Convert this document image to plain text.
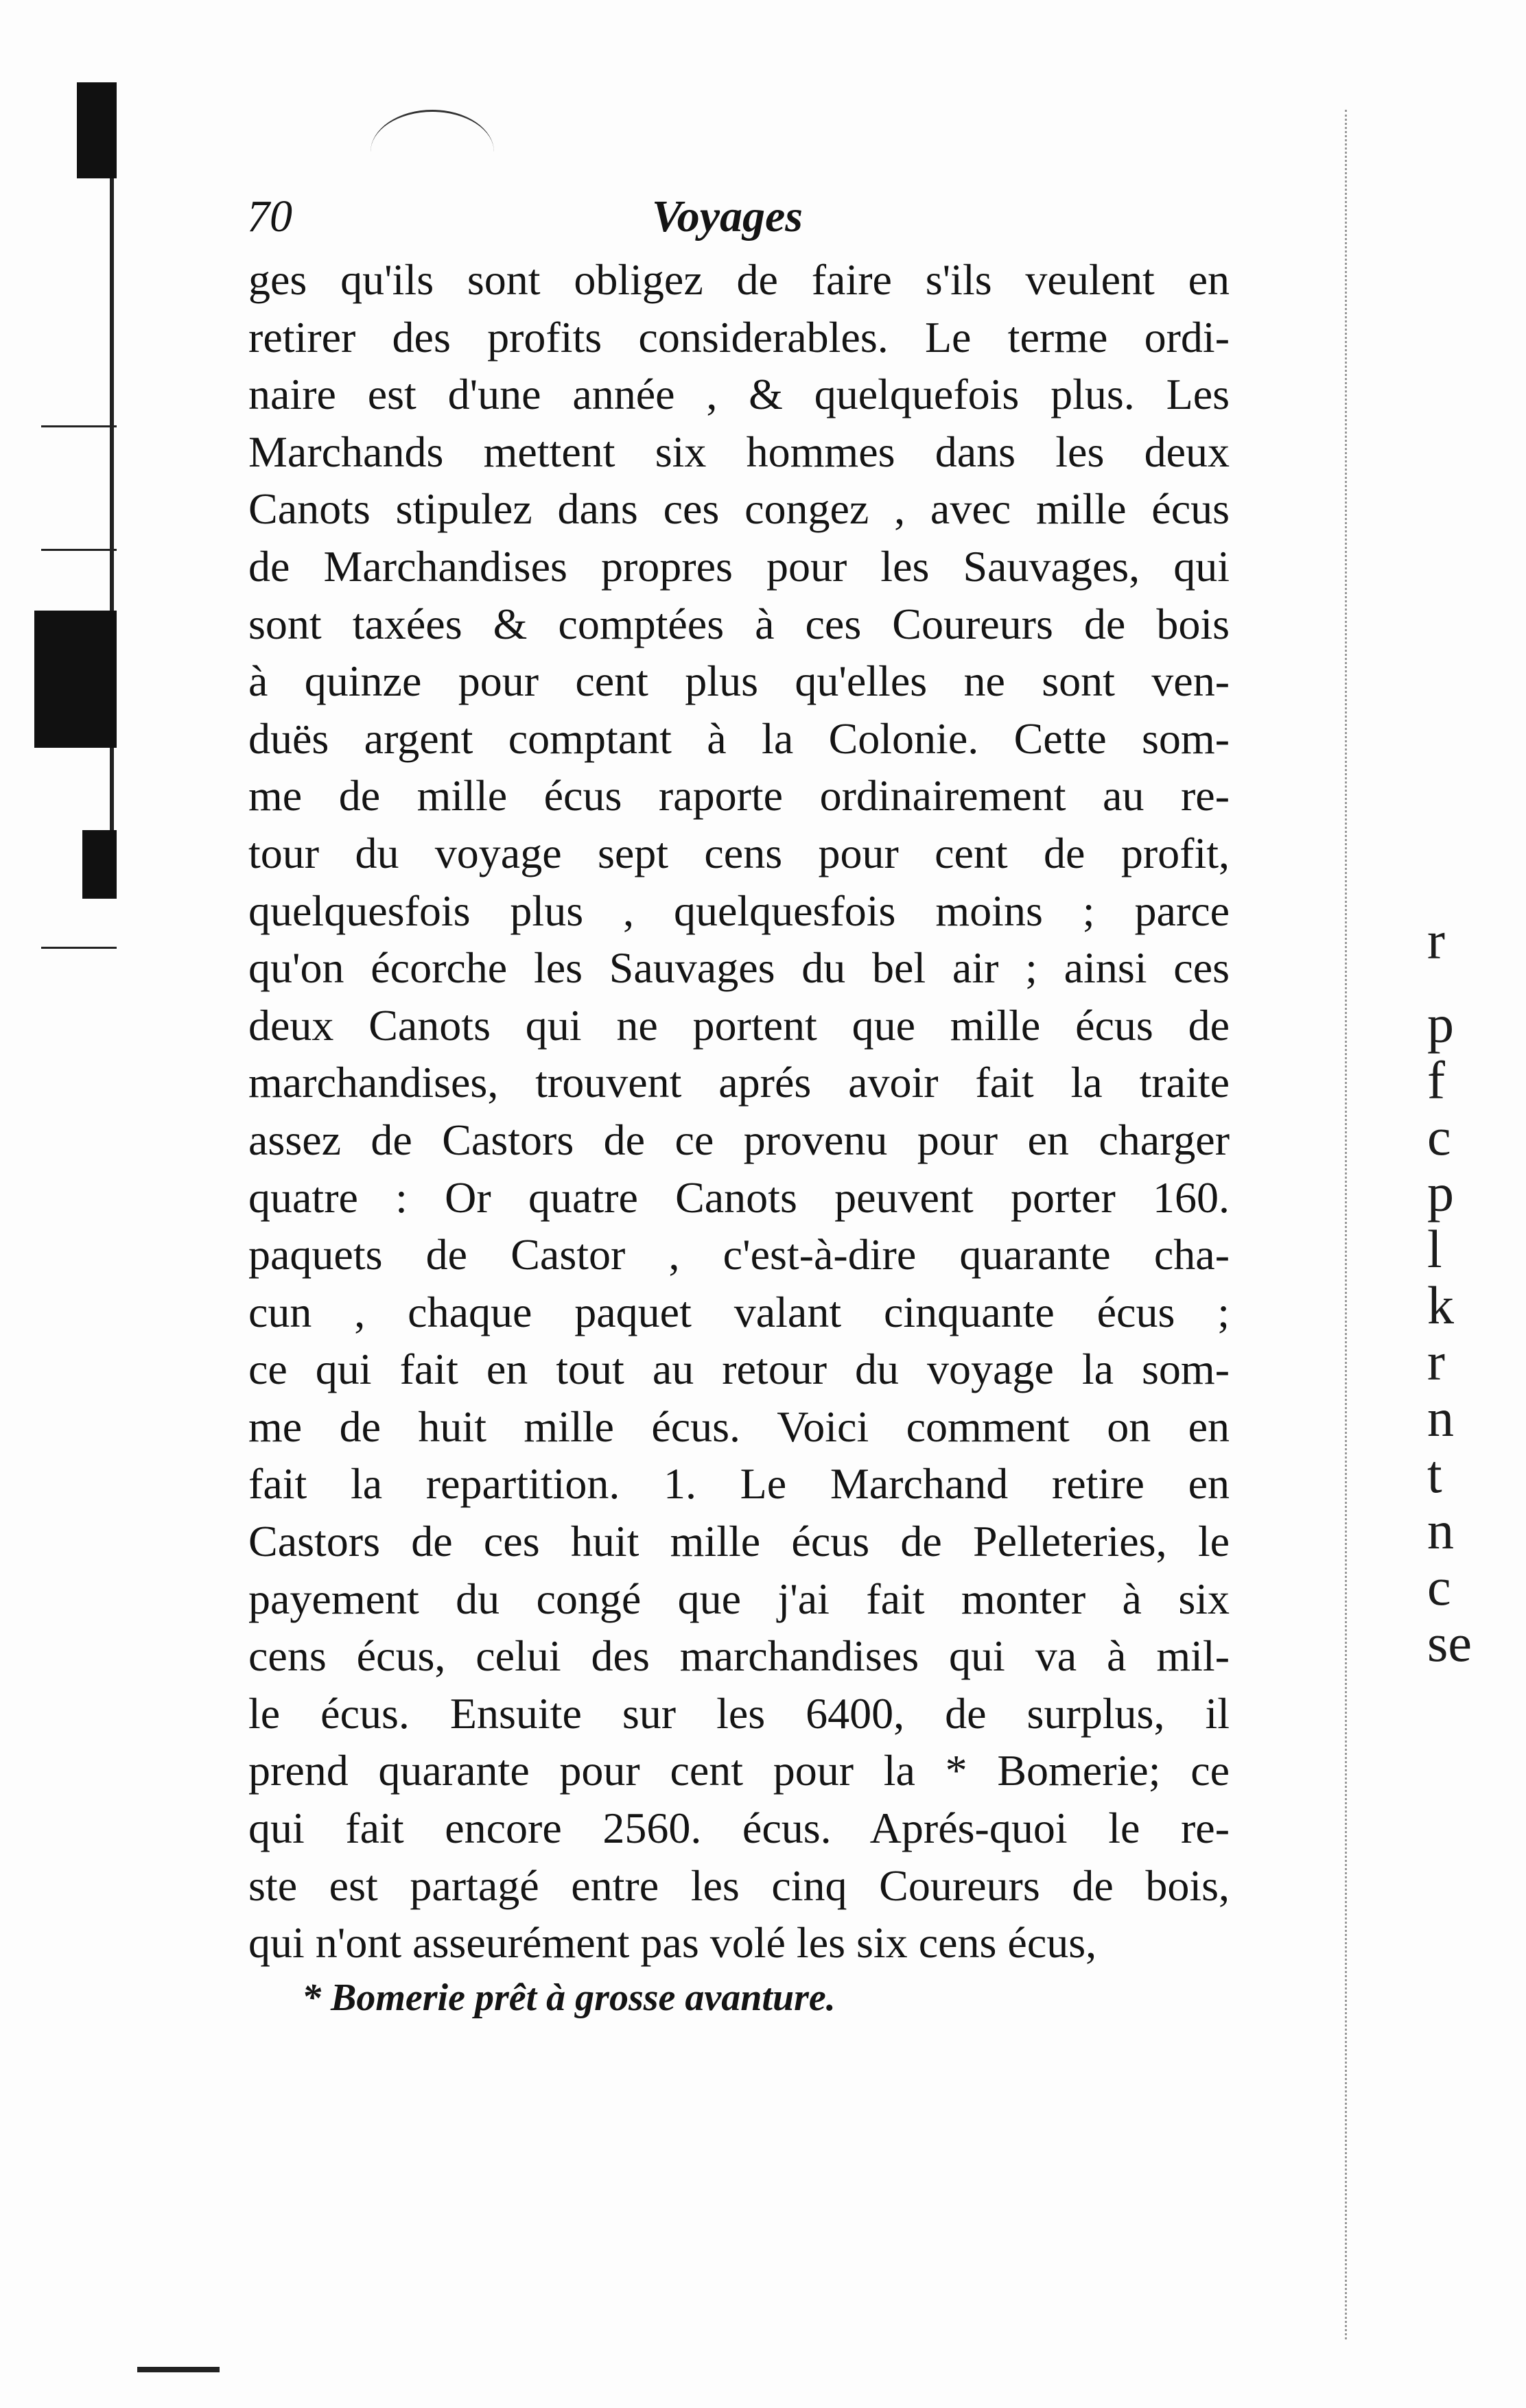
70	Voyages
ges qu'ils sont obligez de faire s'ils veulent en
retirer des profits considerables. Le terme ordi-
naire est d'une année , & quelquefois plus. Les
Marchands mettent six hommes dans les deux
Canots stipulez dans ces congez , avec mille écus
de Marchandises propres pour les Sauvages, qui
sont taxées & comptées à ces Coureurs de bois
à quinze pour cent plus qu'elles ne sont ven-
duës argent comptant à la Colonie. Cette som-
me de mille écus raporte ordinairement au re-
tour du voyage sept cens pour cent de profit,
quelquesfois plus , quelquesfois moins ; parce
qu'on écorche les Sauvages du bel air ; ainsi ces
deux Canots qui ne portent que mille écus de
marchandises, trouvent aprés avoir fait la traite
assez de Castors de ce provenu pour en charger
quatre : Or quatre Canots peuvent porter 160.
paquets de Castor , c'est-à-dire quarante cha-
cun , chaque paquet valant cinquante écus ;
ce qui fait en tout au retour du voyage la som-
me de huit mille écus. Voici comment on en
fait la repartition. 1. Le Marchand retire en
Castors de ces huit mille écus de Pelleteries, le
payement du congé que j'ai fait monter à six
cens écus, celui des marchandises qui va à mil-
le écus. Ensuite sur les 6400, de surplus, il
prend quarante pour cent pour la * Bomerie; ce
qui fait encore 2560. écus. Aprés-quoi le re-
ste est partagé entre les cinq Coureurs de bois,
qui n'ont asseurément pas volé les six cens écus,
* Bomerie prêt à grosse avanture.
r
p
f
c
p
l
k
r
n
t
n
c
se
